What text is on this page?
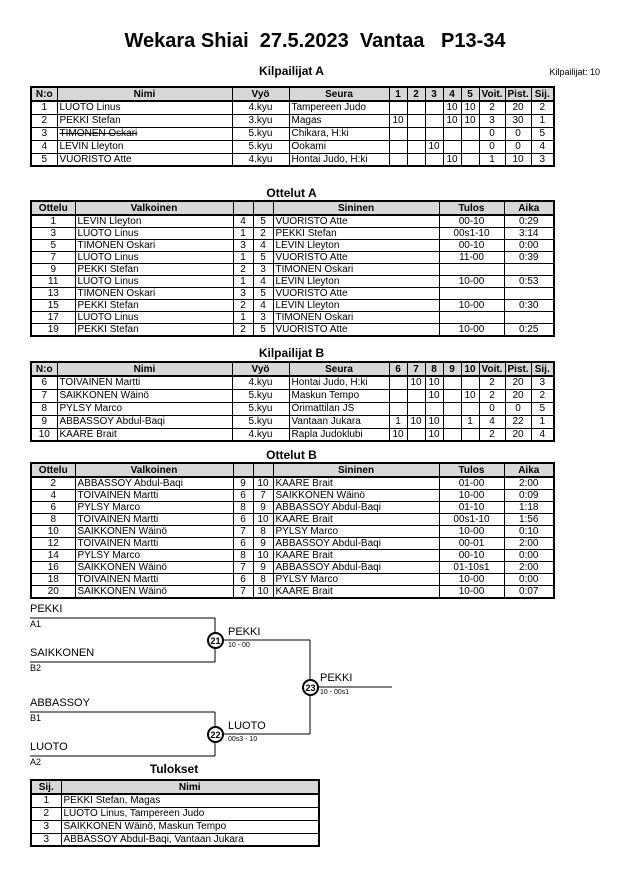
Wekara Shiai  27.5.2023  Vantaa   P13-34
Kilpailijat: 10
Kilpailijat A
N:o	Nimi	Vyö	Seura	1	2	3	4	5	Voit.	Pist.	Sij.
1	LUOTO Linus	4.kyu	Tampereen Judo				10	10	2	20	2
2	PEKKI Stefan	3.kyu	Magas	10			10	10	3	30	1
3	TIMONEN Oskari	5.kyu	Chikara, H:ki						0	0	5
4	LEVIN Lleyton	5.kyu	Ookami			10			0	0	4
5	VUORISTO Atte	4.kyu	Hontai Judo, H:ki				10		1	10	3
Ottelut A
Ottelu	Valkoinen			Sininen	Tulos	Aika
1	LEVIN Lleyton	4	5	VUORISTO Atte	00-10	0:29
3	LUOTO Linus	1	2	PEKKI Stefan	00s1-10	3:14
5	TIMONEN Oskari	3	4	LEVIN Lleyton	00-10	0:00
7	LUOTO Linus	1	5	VUORISTO Atte	11-00	0:39
9	PEKKI Stefan	2	3	TIMONEN Oskari		
11	LUOTO Linus	1	4	LEVIN Lleyton	10-00	0:53
13	TIMONEN Oskari	3	5	VUORISTO Atte		
15	PEKKI Stefan	2	4	LEVIN Lleyton	10-00	0:30
17	LUOTO Linus	1	3	TIMONEN Oskari		
19	PEKKI Stefan	2	5	VUORISTO Atte	10-00	0:25
Kilpailijat B
N:o	Nimi	Vyö	Seura	6	7	8	9	10	Voit.	Pist.	Sij.
6	TOIVAINEN Martti	4.kyu	Hontai Judo, H:ki		10	10			2	20	3
7	SAIKKONEN Wäinö	5.kyu	Maskun Tempo			10		10	2	20	2
8	PYLSY Marco	5.kyu	Orimattilan JS						0	0	5
9	ABBASSOY Abdul-Baqi	5.kyu	Vantaan Jukara	1	10	10		1	4	22	1
10	KAARE Brait	4.kyu	Rapla Judoklubi	10		10			2	20	4
Ottelut B
Ottelu	Valkoinen			Sininen	Tulos	Aika
2	ABBASSOY Abdul-Baqi	9	10	KAARE Brait	01-00	2:00
4	TOIVAINEN Martti	6	7	SAIKKONEN Wäinö	10-00	0:09
6	PYLSY Marco	8	9	ABBASSOY Abdul-Baqi	01-10	1:18
8	TOIVAINEN Martti	6	10	KAARE Brait	00s1-10	1:56
10	SAIKKONEN Wäinö	7	8	PYLSY Marco	10-00	0:10
12	TOIVAINEN Martti	6	9	ABBASSOY Abdul-Baqi	00-01	2:00
14	PYLSY Marco	8	10	KAARE Brait	00-10	0:00
16	SAIKKONEN Wäinö	7	9	ABBASSOY Abdul-Baqi	01-10s1	2:00
18	TOIVAINEN Martti	6	8	PYLSY Marco	10-00	0:00
20	SAIKKONEN Wäinö	7	10	KAARE Brait	10-00	0:07
PEKKI
A1
SAIKKONEN
B2
ABBASSOY
B1
LUOTO
A2
21
PEKKI
10 - 00
22
LUOTO
00s3 - 10
23
PEKKI
10 - 00s1
Tulokset
Sij.	Nimi
1	PEKKI Stefan, Magas
2	LUOTO Linus, Tampereen Judo
3	SAIKKONEN Wäinö, Maskun Tempo
3	ABBASSOY Abdul-Baqi, Vantaan Jukara
